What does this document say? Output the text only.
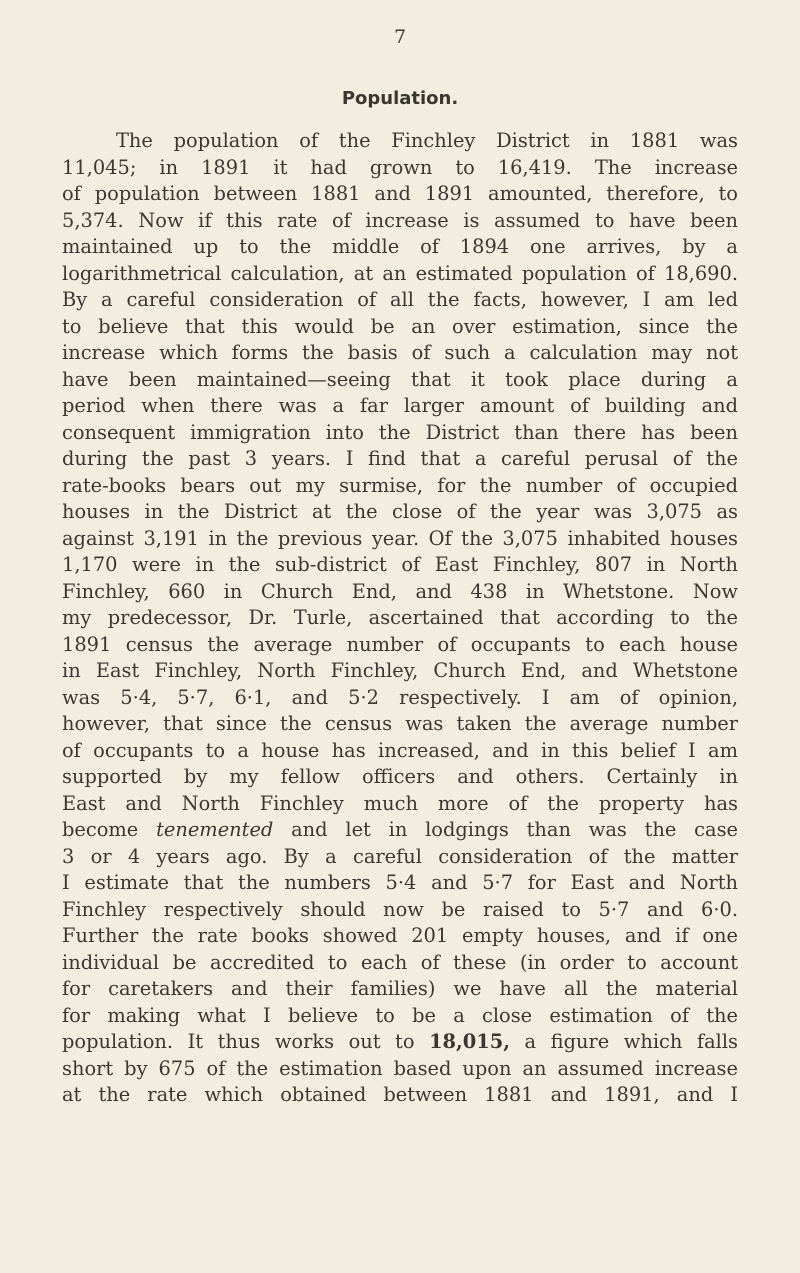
7
Population.
The population of the Finchley District in 1881 was
11,045; in 1891 it had grown to 16,419. The increase
of population between 1881 and 1891 amounted, therefore, to
5,374. Now if this rate of increase is assumed to have been
maintained up to the middle of 1894 one arrives, by a
logarithmetrical calculation, at an estimated population of 18,690.
By a careful consideration of all the facts, however, I am led
to believe that this would be an over estimation, since the
increase which forms the basis of such a calculation may not
have been maintained—seeing that it took place during a
period when there was a far larger amount of building and
consequent immigration into the District than there has been
during the past 3 years. I find that a careful perusal of the
rate-books bears out my surmise, for the number of occupied
houses in the District at the close of the year was 3,075 as
against 3,191 in the previous year. Of the 3,075 inhabited houses
1,170 were in the sub-district of East Finchley, 807 in North
Finchley, 660 in Church End, and 438 in Whetstone. Now
my predecessor, Dr. Turle, ascertained that according to the
1891 census the average number of occupants to each house
in East Finchley, North Finchley, Church End, and Whetstone
was 5·4, 5·7, 6·1, and 5·2 respectively. I am of opinion,
however, that since the census was taken the average number
of occupants to a house has increased, and in this belief I am
supported by my fellow officers and others. Certainly in
East and North Finchley much more of the property has
become tenemented and let in lodgings than was the case
3 or 4 years ago. By a careful consideration of the matter
I estimate that the numbers 5·4 and 5·7 for East and North
Finchley respectively should now be raised to 5·7 and 6·0.
Further the rate books showed 201 empty houses, and if one
individual be accredited to each of these (in order to account
for caretakers and their families) we have all the material
for making what I believe to be a close estimation of the
population. It thus works out to 18,015, a figure which falls
short by 675 of the estimation based upon an assumed increase
at the rate which obtained between 1881 and 1891, and I
